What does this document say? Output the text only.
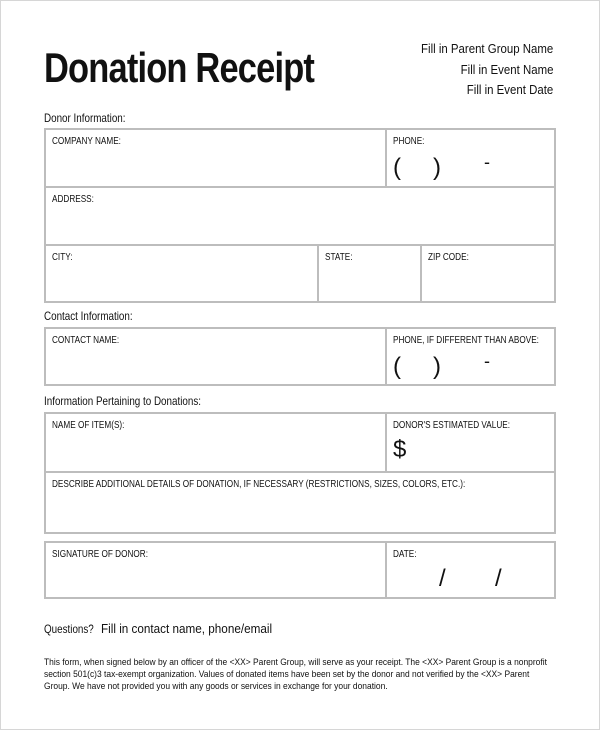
Donation Receipt	Fill in Parent Group Name
Fill in Event Name
Fill in Event Date
Donor Information:
COMPANY NAME:	PHONE:
( ) -
ADDRESS:
CITY:	STATE:	ZIP CODE:
Contact Information:
CONTACT NAME:	PHONE, IF DIFFERENT THAN ABOVE:
( ) -
Information Pertaining to Donations:
NAME OF ITEM(S):	DONOR'S ESTIMATED VALUE:
$
DESCRIBE ADDITIONAL DETAILS OF DONATION, IF NECESSARY (RESTRICTIONS, SIZES, COLORS, ETC.):
SIGNATURE OF DONOR:	DATE:
/ /
Questions? Fill in contact name, phone/email
This form, when signed below by an officer of the <XX> Parent Group, will serve as your receipt. The <XX> Parent Group is a nonprofit section 501(c)3 tax-exempt organization. Values of donated items have been set by the donor and not verified by the <XX> Parent Group. We have not provided you with any goods or services in exchange for your donation.
